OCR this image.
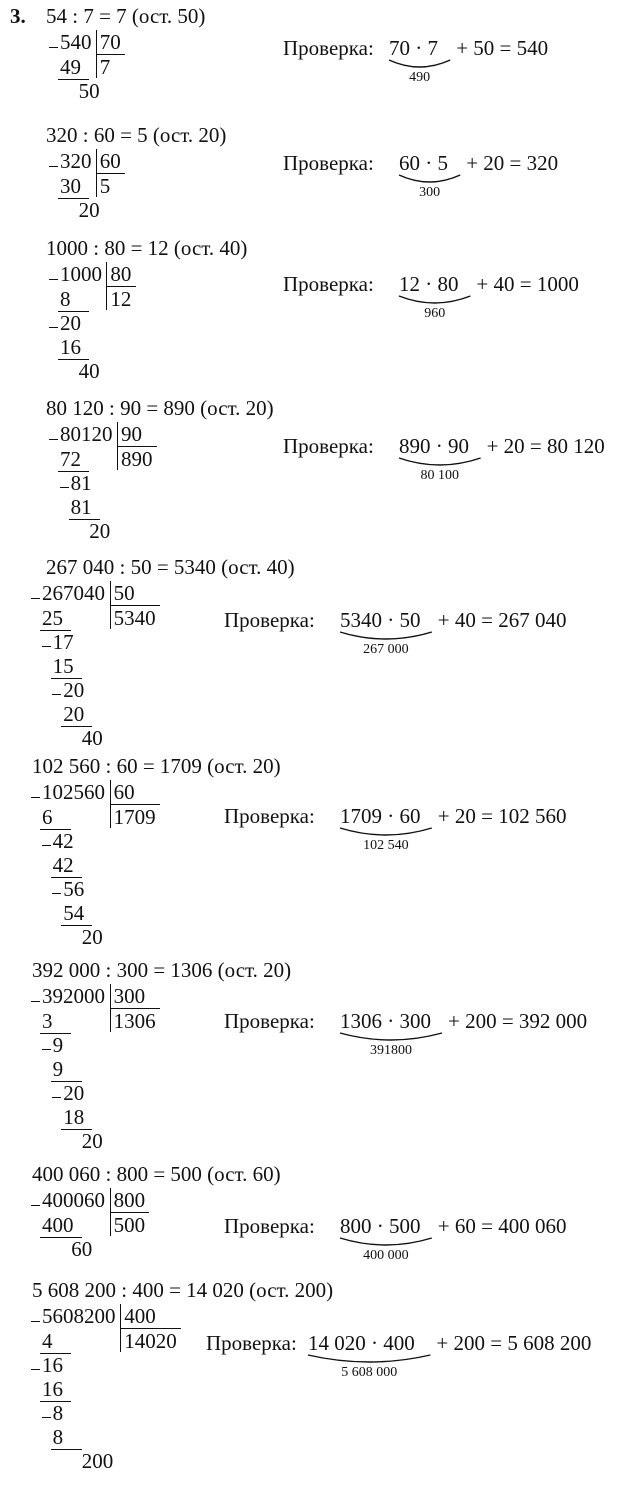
3. 54 : 7 = 7 (ост. 50)
540 70
7
49
50
Проверка: 70 · 7 + 50 = 540
490
320 : 60 = 5 (ост. 20)
320 60
5
30
20
Проверка: 60 · 5 + 20 = 320
300
1000 : 80 = 12 (ост. 40)
1000 80
12
8
20
16
40
Проверка: 12 · 80 + 40 = 1000
960
80 120 : 90 = 890 (ост. 20)
80120 90
890
72
81
81
20
Проверка: 890 · 90 + 20 = 80 120
80 100
267 040 : 50 = 5340 (ост. 40)
267040 50
5340
25
17
15
20
20
40
Проверка: 5340 · 50 + 40 = 267 040
267 000
102 560 : 60 = 1709 (ост. 20)
102560 60
1709
6
42
42
56
54
20
Проверка: 1709 · 60 + 20 = 102 560
102 540
392 000 : 300 = 1306 (ост. 20)
392000 300
1306
3
9
9
20
18
20
Проверка: 1306 · 300 + 200 = 392 000
391800
400 060 : 800 = 500 (ост. 60)
400060 800
500
400
60
Проверка: 800 · 500 + 60 = 400 060
400 000
5 608 200 : 400 = 14 020 (ост. 200)
5608200 400
14020
4
16
16
8
8
200
Проверка: 14 020 · 400 + 200 = 5 608 200
5 608 000
